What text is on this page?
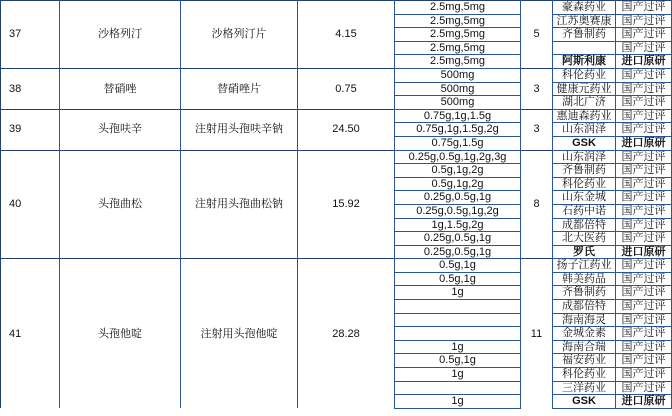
37	沙格列汀	沙格列汀片	4.15	2.5mg,5mg	5	豪森药业	国产过评
				2.5mg,5mg		江苏奥赛康	国产过评
				2.5mg,5mg		齐鲁制药	国产过评
				2.5mg,5mg			国产过评
				2.5mg,5mg		阿斯利康	进口原研
38	替硝唑	替硝唑片	0.75	500mg	3	科伦药业	国产过评
				500mg		健康元药业	国产过评
				500mg		湖北广济	国产过评
39	头孢呋辛	注射用头孢呋辛钠	24.50	0.75g,1g,1.5g	3	惠迪森药业	国产过评
				0.75g,1g,1.5g,2g		山东润泽	国产过评
				0.75g,1.5g		GSK	进口原研
40	头孢曲松	注射用头孢曲松钠	15.92	0.25g,0.5g,1g,2g,3g	8	山东润泽	国产过评
				0.5g,1g,2g		齐鲁制药	国产过评
				0.5g,1g,2g		科伦药业	国产过评
				0.25g,0.5g,1g		山东金城	国产过评
				0.25g,0.5g,1g,2g		石药中诺	国产过评
				1g,1.5g,2g		成都倍特	国产过评
				0.25g,0.5g,1g		北大医药	国产过评
				0.25g,0.5g,1g		罗氏	进口原研
41	头孢他啶	注射用头孢他啶	28.28	0.5g,1g	11	扬子江药业	国产过评
				0.5g,1g		韩美药品	国产过评
				1g		齐鲁制药	国产过评
						成都倍特	国产过评
						海南海灵	国产过评
						金城金素	国产过评
				1g		海南合瑞	国产过评
				0.5g,1g		福安药业	国产过评
				1g		科伦药业	国产过评
						三洋药业	国产过评
				1g		GSK	进口原研
